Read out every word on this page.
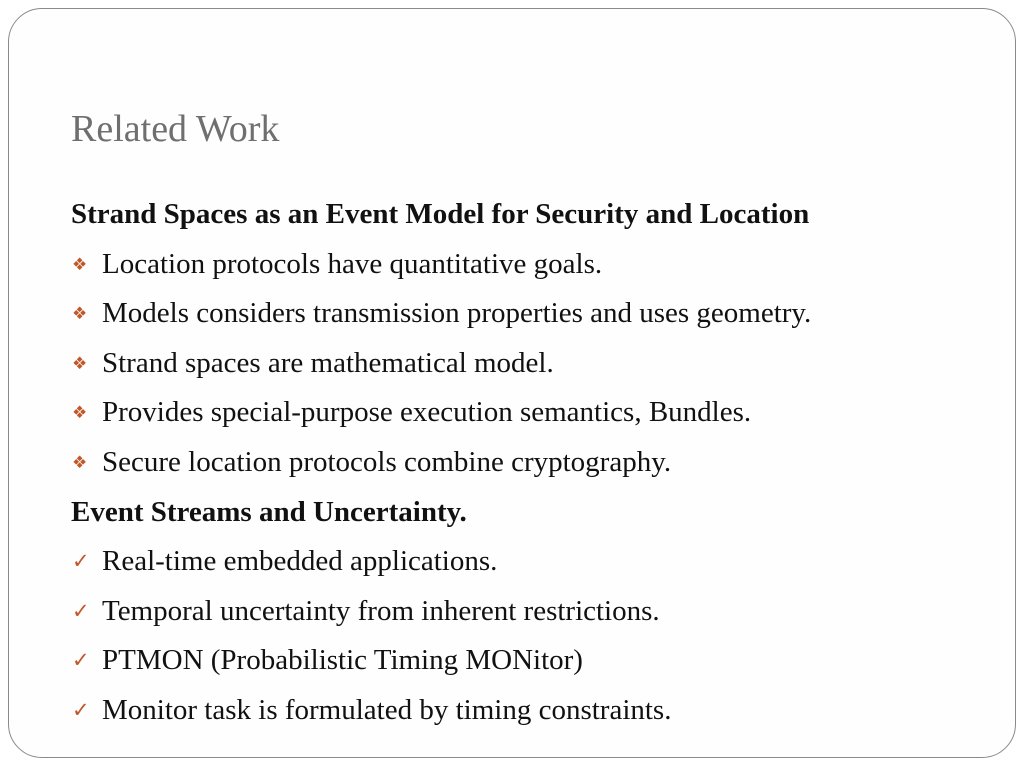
Related Work
Strand Spaces as an Event Model for Security and Location
❖ Location protocols have quantitative goals.
❖ Models considers transmission properties and uses geometry.
❖ Strand spaces are mathematical model.
❖ Provides special-purpose execution semantics, Bundles.
❖ Secure location protocols combine cryptography.
Event Streams and Uncertainty.
✓ Real-time embedded applications.
✓ Temporal uncertainty from inherent restrictions.
✓ PTMON (Probabilistic Timing MONitor)
✓ Monitor task is formulated by timing constraints.
